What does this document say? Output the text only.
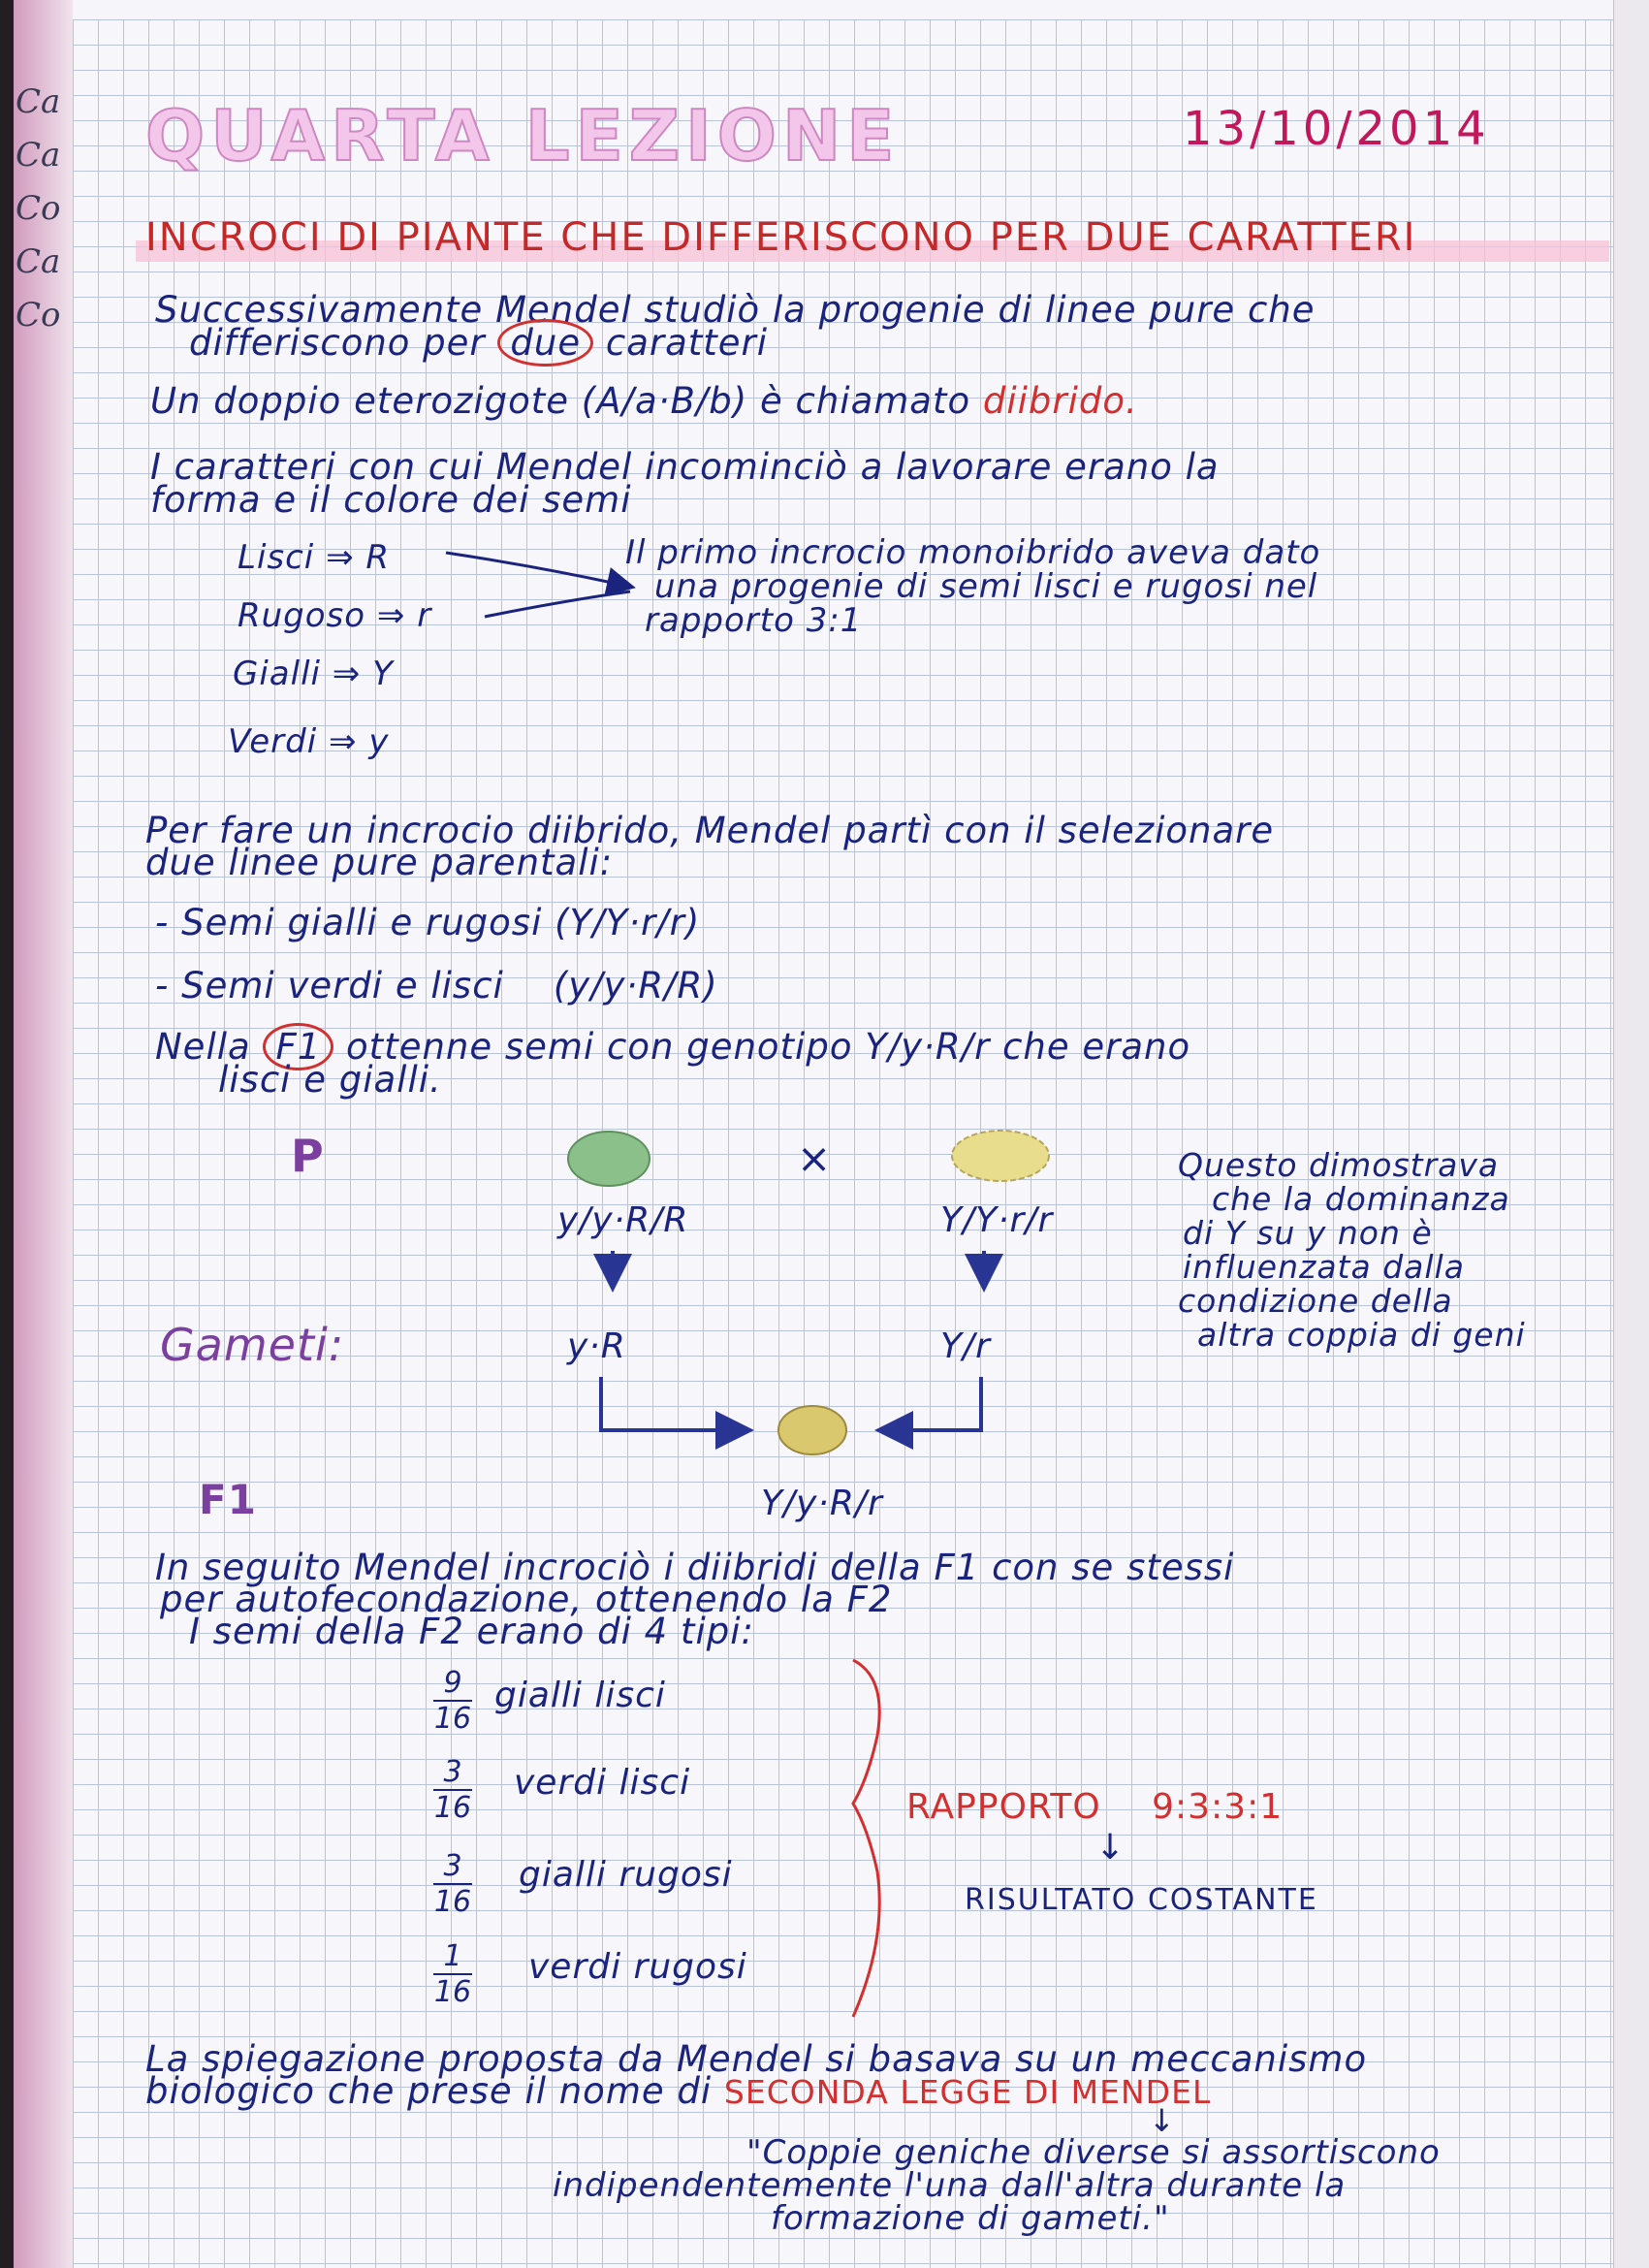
Ca
Ca
Co
Ca
Co
QUARTA LEZIONE	13/10/2014
INCROCI DI PIANTE CHE DIFFERISCONO PER DUE CARATTERI
Successivamente Mendel studiò la progenie di linee pure che
differiscono per due caratteri
Un doppio eterozigote (A/a·B/b) è chiamato diibrido.
I caratteri con cui Mendel incominciò a lavorare erano la
forma e il colore dei semi
Lisci ⇒ R
Rugoso ⇒ r
Gialli ⇒ Y
Verdi ⇒ y
Il primo incrocio monoibrido aveva dato
una progenie di semi lisci e rugosi nel
rapporto 3:1
Per fare un incrocio diibrido, Mendel partì con il selezionare
due linee pure parentali:
- Semi gialli e rugosi (Y/Y·r/r)
- Semi verdi e lisci    (y/y·R/R)
Nella F1 ottenne semi con genotipo Y/y·R/r che erano
lisci e gialli.
P	×
y/y·R/R	Y/Y·r/r
Gameti:	y·R	Y/r
F1	Y/y·R/r
Questo dimostrava
che la dominanza
di Y su y non è
influenzata dalla
condizione della
altra coppia di geni
In seguito Mendel incrociò i diibridi della F1 con se stessi
per autofecondazione, ottenendo la F2
I semi della F2 erano di 4 tipi:
$\frac{9}{16}$ gialli lisci
$\frac{3}{16}$ verdi lisci
$\frac{3}{16}$ gialli rugosi
$\frac{1}{16}$ verdi rugosi
RAPPORTO 9:3:3:1
↓
RISULTATO COSTANTE
La spiegazione proposta da Mendel si basava su un meccanismo
biologico che prese il nome di SECONDA LEGGE DI MENDEL
↓
"Coppie geniche diverse si assortiscono
indipendentemente l'una dall'altra durante la
formazione di gameti."
